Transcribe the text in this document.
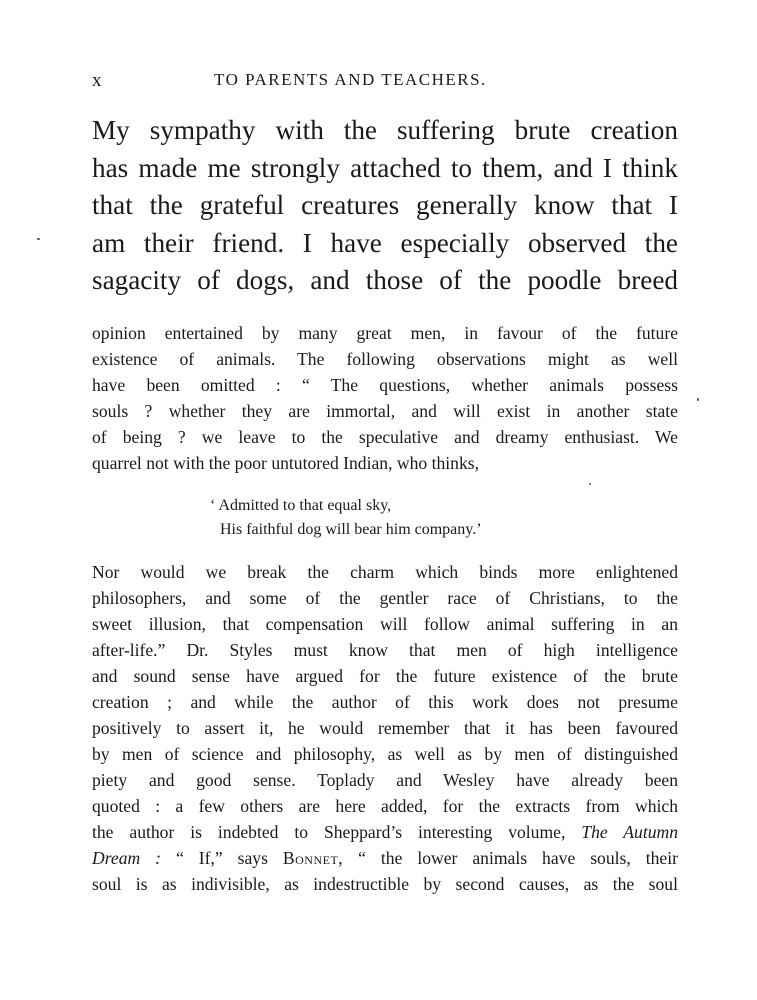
x	TO PARENTS AND TEACHERS.
My sympathy with the suffering brute creation
has made me strongly attached to them, and I think
that the grateful creatures generally know that I
am their friend. I have especially observed the
sagacity of dogs, and those of the poodle breed
opinion entertained by many great men, in favour of the future
existence of animals. The following observations might as well
have been omitted : “ The questions, whether animals possess
souls ? whether they are immortal, and will exist in another state
of being ? we leave to the speculative and dreamy enthusiast. We
quarrel not with the poor untutored Indian, who thinks,
‘ Admitted to that equal sky,
His faithful dog will bear him company.’
Nor would we break the charm which binds more enlightened
philosophers, and some of the gentler race of Christians, to the
sweet illusion, that compensation will follow animal suffering in an
after-life.” Dr. Styles must know that men of high intelligence
and sound sense have argued for the future existence of the brute
creation ; and while the author of this work does not presume
positively to assert it, he would remember that it has been favoured
by men of science and philosophy, as well as by men of distinguished
piety and good sense. Toplady and Wesley have already been
quoted : a few others are here added, for the extracts from which
the author is indebted to Sheppard’s interesting volume, The Autumn
Dream : “ If,” says Bonnet, “ the lower animals have souls, their
soul is as indivisible, as indestructible by second causes, as the soul
